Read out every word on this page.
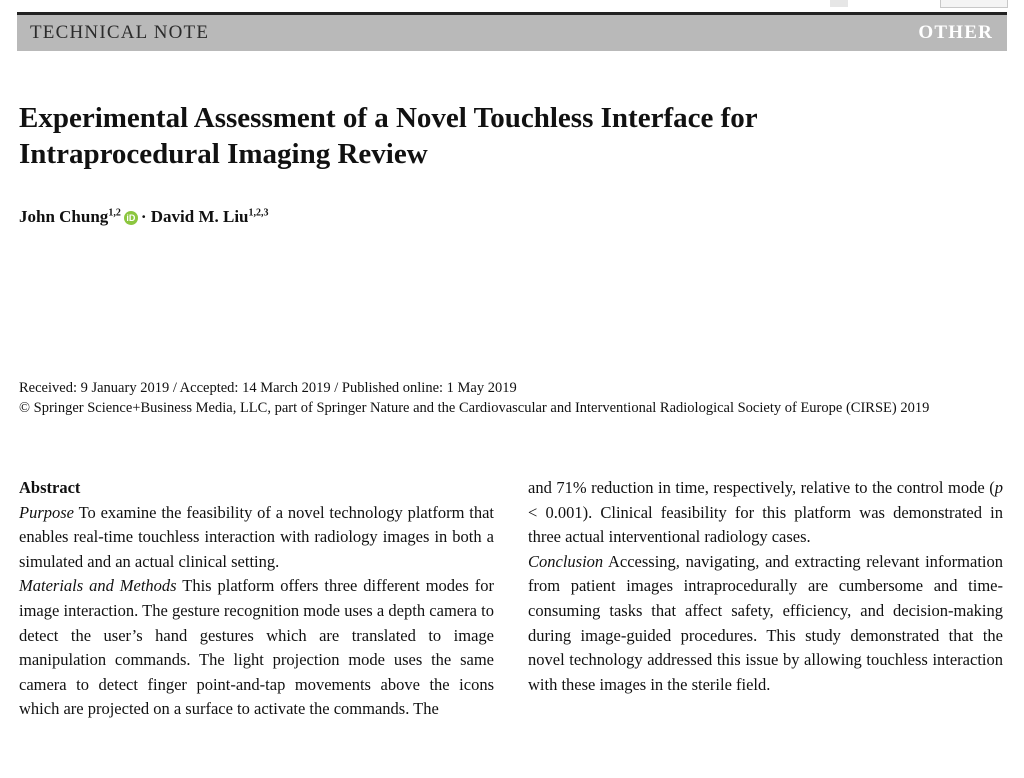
TECHNICAL NOTE	OTHER
Experimental Assessment of a Novel Touchless Interface for Intraprocedural Imaging Review
John Chung$^{1,2}$ iD · David M. Liu$^{1,2,3}$
Received: 9 January 2019 / Accepted: 14 March 2019 / Published online: 1 May 2019
© Springer Science+Business Media, LLC, part of Springer Nature and the Cardiovascular and Interventional Radiological Society of Europe (CIRSE) 2019
Abstract

Purpose To examine the feasibility of a novel technology platform that enables real-time touchless interaction with radiology images in both a simulated and an actual clinical setting.

Materials and Methods This platform offers three different modes for image interaction. The gesture recognition mode uses a depth camera to detect the user’s hand gestures which are translated to image manipulation commands. The light projection mode uses the same camera to detect finger point-and-tap movements above the icons which are projected on a surface to activate the commands. The

and 71% reduction in time, respectively, relative to the control mode (p < 0.001). Clinical feasibility for this platform was demonstrated in three actual interventional radiology cases.

Conclusion Accessing, navigating, and extracting relevant information from patient images intraprocedurally are cumbersome and time-consuming tasks that affect safety, efficiency, and decision-making during image-guided procedures. This study demonstrated that the novel technology addressed this issue by allowing touchless interaction with these images in the sterile field.
